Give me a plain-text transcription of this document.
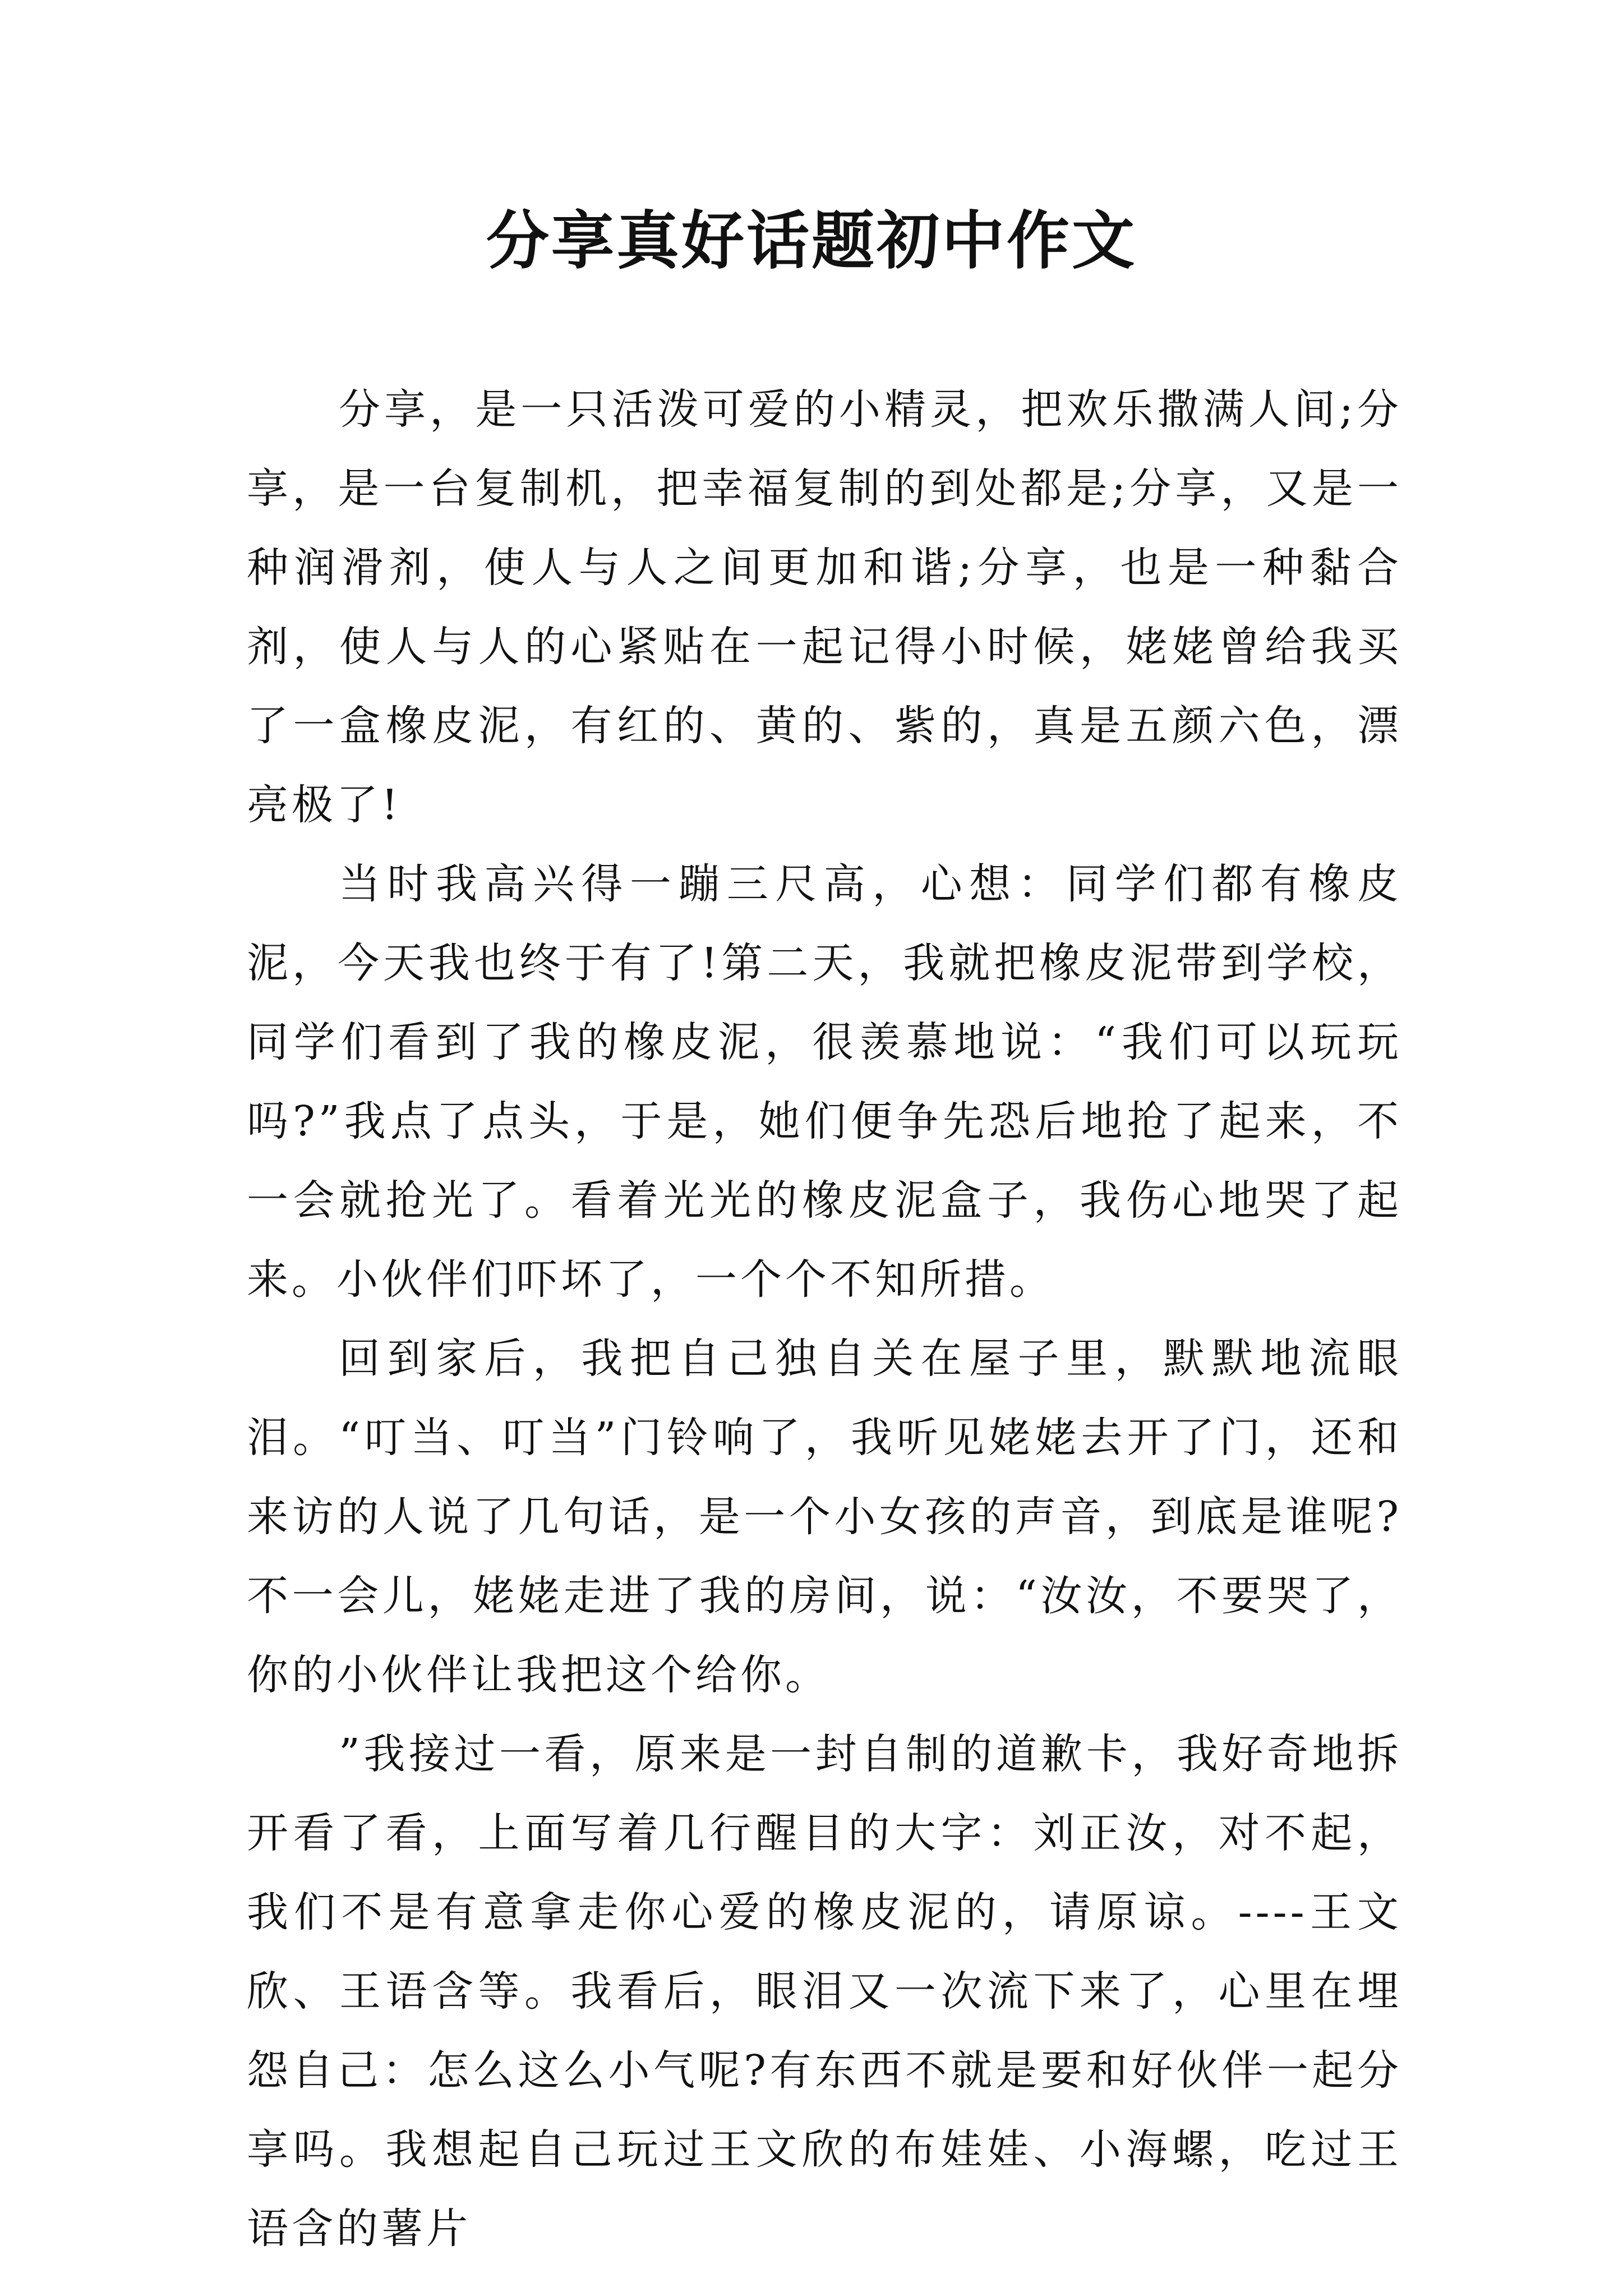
分享真好话题初中作文

分享，是一只活泼可爱的小精灵，把欢乐撒满人间;分享，是一台复制机，把幸福复制的到处都是;分享，又是一种润滑剂，使人与人之间更加和谐;分享，也是一种黏合剂，使人与人的心紧贴在一起记得小时候，姥姥曾给我买了一盒橡皮泥，有红的、黄的、紫的，真是五颜六色，漂亮极了!

当时我高兴得一蹦三尺高，心想：同学们都有橡皮泥，今天我也终于有了!第二天，我就把橡皮泥带到学校，同学们看到了我的橡皮泥，很羡慕地说：“我们可以玩玩吗?”我点了点头，于是，她们便争先恐后地抢了起来，不一会就抢光了。看着光光的橡皮泥盒子，我伤心地哭了起来。小伙伴们吓坏了，一个个不知所措。

回到家后，我把自己独自关在屋子里，默默地流眼泪。“叮当、叮当”门铃响了，我听见姥姥去开了门，还和来访的人说了几句话，是一个小女孩的声音，到底是谁呢?不一会儿，姥姥走进了我的房间，说：“汝汝，不要哭了，你的小伙伴让我把这个给你。

”我接过一看，原来是一封自制的道歉卡，我好奇地拆开看了看，上面写着几行醒目的大字：刘正汝，对不起，我们不是有意拿走你心爱的橡皮泥的，请原谅。----王文欣、王语含等。我看后，眼泪又一次流下来了，心里在埋怨自己：怎么这么小气呢?有东西不就是要和好伙伴一起分享吗。我想起自己玩过王文欣的布娃娃、小海螺，吃过王语含的薯片
